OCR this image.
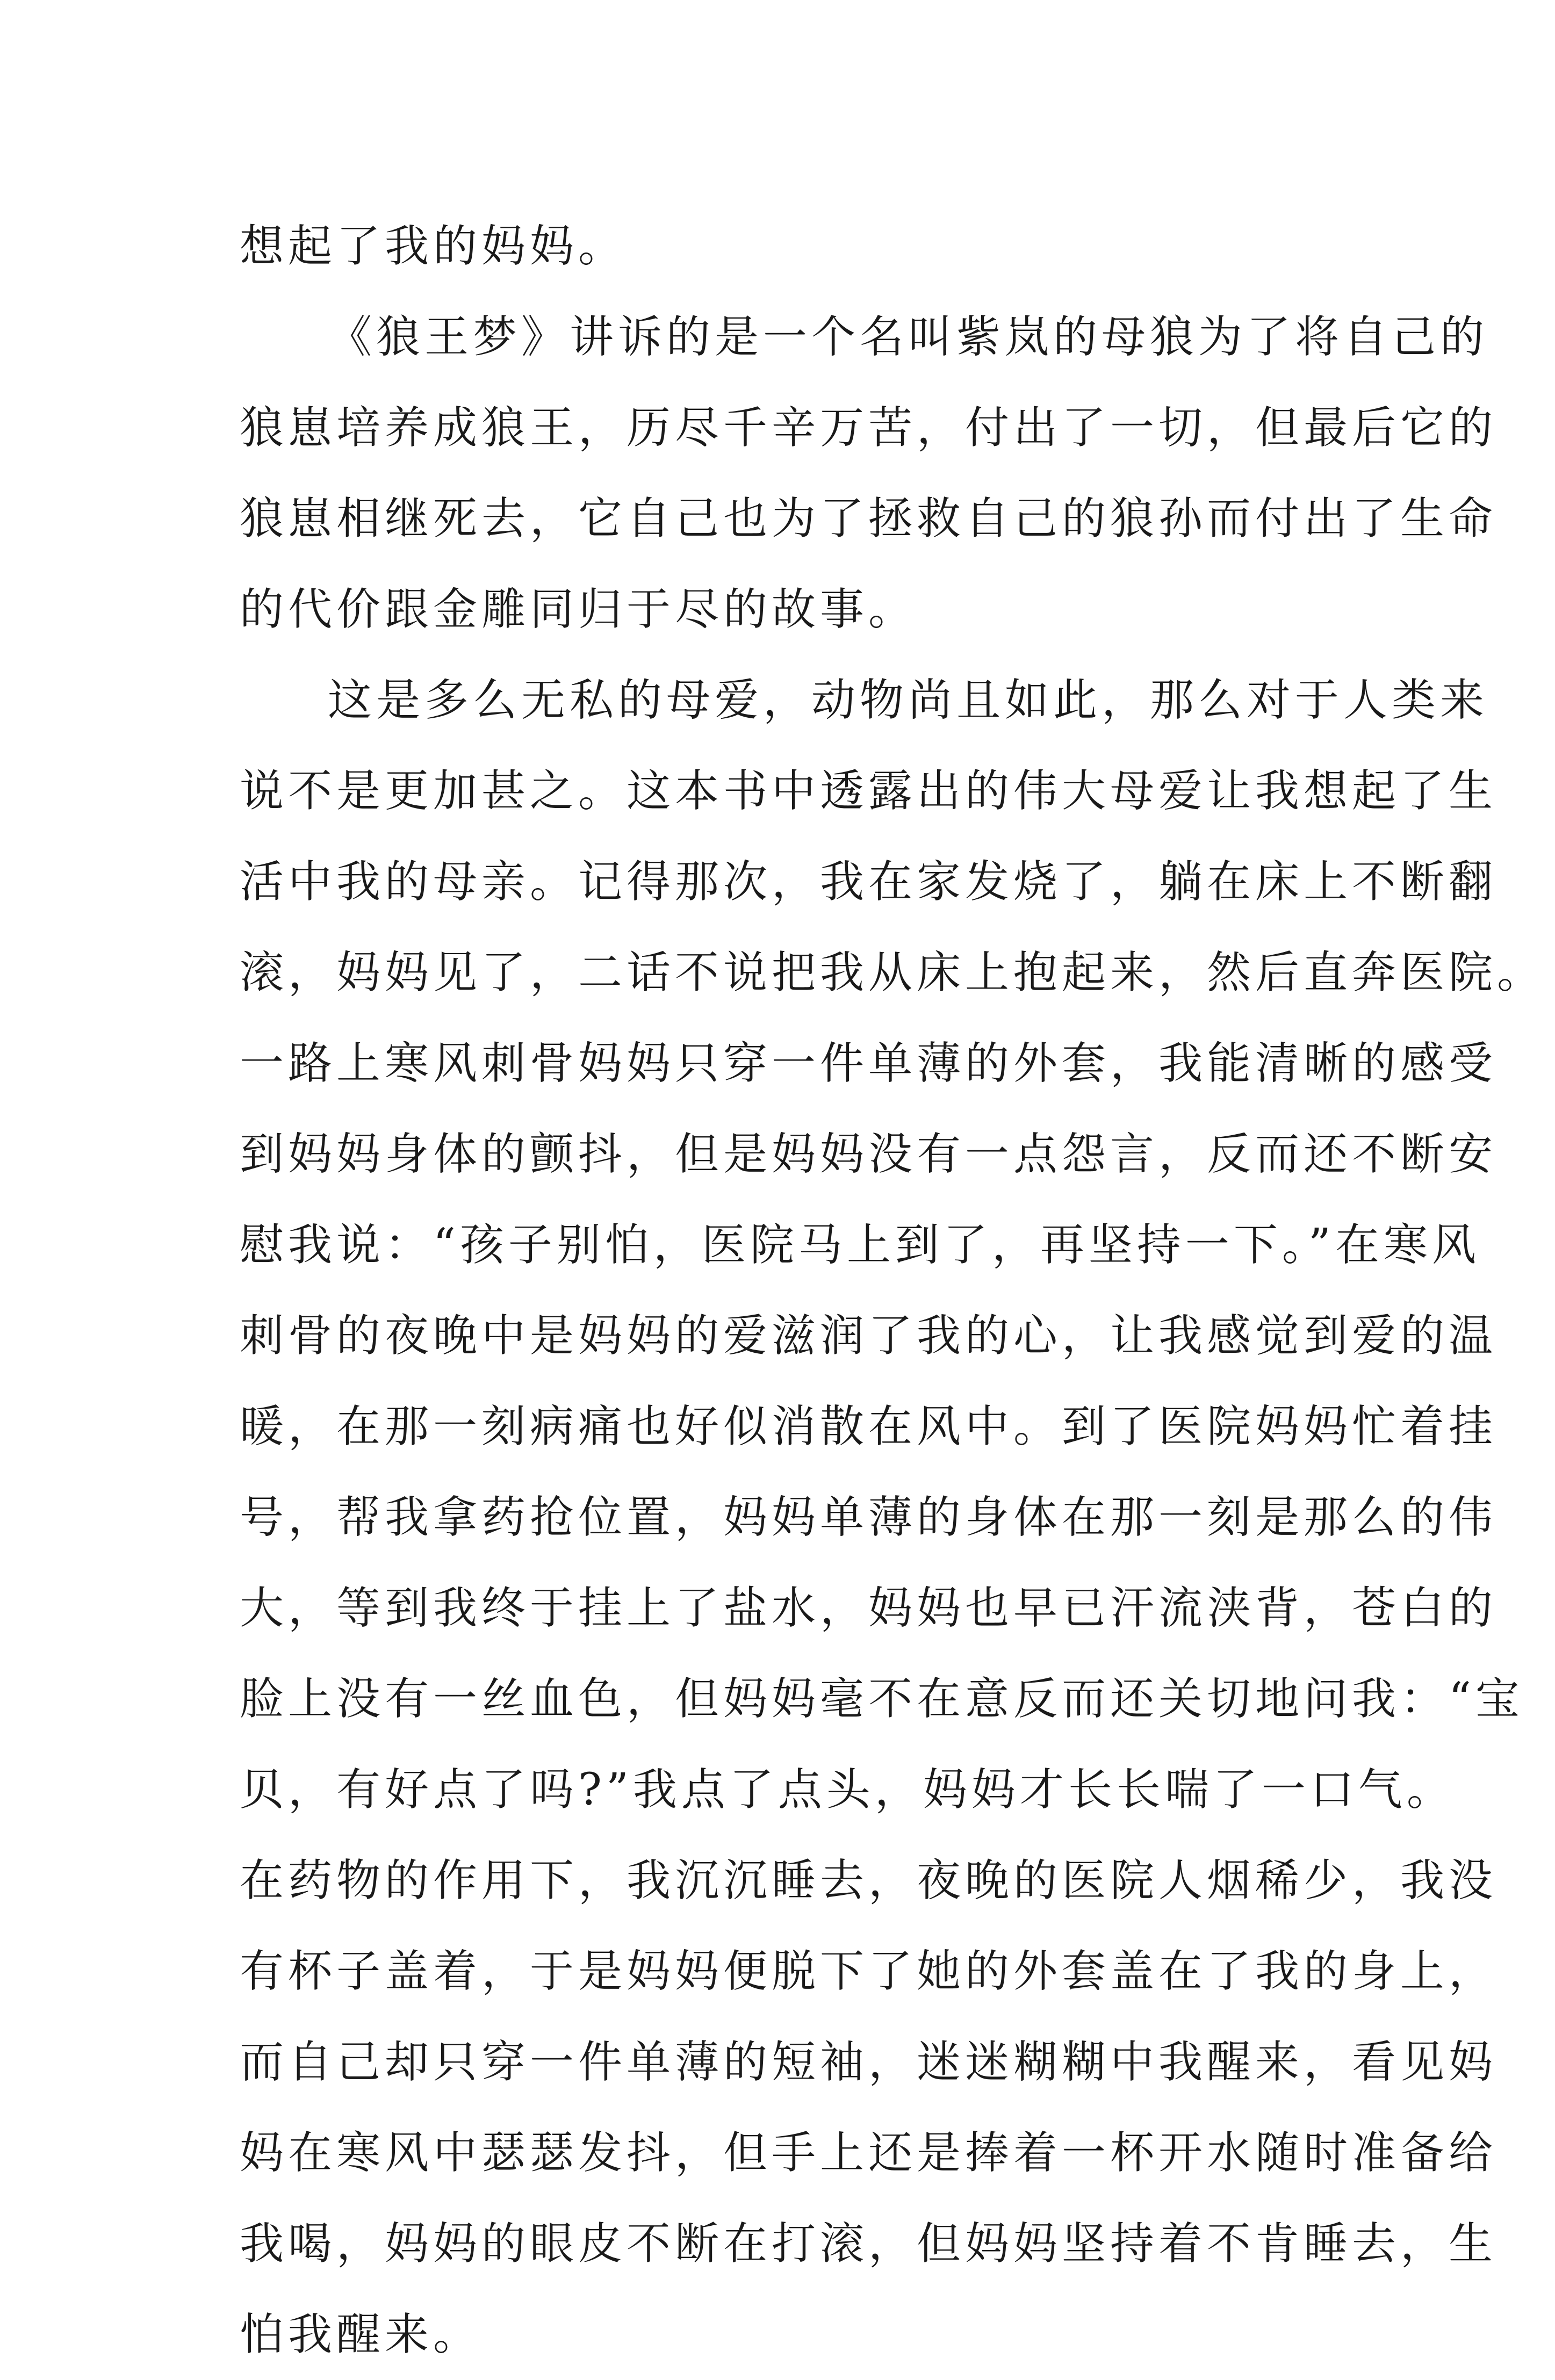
想起了我的妈妈。
《狼王梦》讲诉的是一个名叫紫岚的母狼为了将自己的
狼崽培养成狼王，历尽千辛万苦，付出了一切，但最后它的
狼崽相继死去，它自己也为了拯救自己的狼孙而付出了生命
的代价跟金雕同归于尽的故事。
这是多么无私的母爱，动物尚且如此，那么对于人类来
说不是更加甚之。这本书中透露出的伟大母爱让我想起了生
活中我的母亲。记得那次，我在家发烧了，躺在床上不断翻
滚，妈妈见了，二话不说把我从床上抱起来，然后直奔医院。
一路上寒风刺骨妈妈只穿一件单薄的外套，我能清晰的感受
到妈妈身体的颤抖，但是妈妈没有一点怨言，反而还不断安
慰我说：“孩子别怕，医院马上到了，再坚持一下。”在寒风
刺骨的夜晚中是妈妈的爱滋润了我的心，让我感觉到爱的温
暖，在那一刻病痛也好似消散在风中。到了医院妈妈忙着挂
号，帮我拿药抢位置，妈妈单薄的身体在那一刻是那么的伟
大，等到我终于挂上了盐水，妈妈也早已汗流浃背，苍白的
脸上没有一丝血色，但妈妈毫不在意反而还关切地问我：“宝
贝，有好点了吗?”我点了点头，妈妈才长长喘了一口气。
在药物的作用下，我沉沉睡去，夜晚的医院人烟稀少，我没
有杯子盖着，于是妈妈便脱下了她的外套盖在了我的身上，
而自己却只穿一件单薄的短袖，迷迷糊糊中我醒来，看见妈
妈在寒风中瑟瑟发抖，但手上还是捧着一杯开水随时准备给
我喝，妈妈的眼皮不断在打滚，但妈妈坚持着不肯睡去，生
怕我醒来。
